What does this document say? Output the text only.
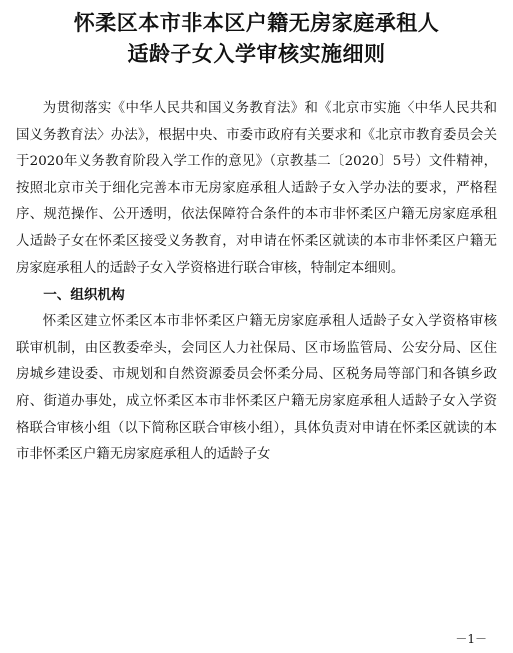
怀柔区本市非本区户籍无房家庭承租人
适龄子女入学审核实施细则

为贯彻落实《中华人民共和国义务教育法》和《北京市实施〈中华人民共和国义务教育法〉办法》，根据中央、市委市政府有关要求和《北京市教育委员会关于2020年义务教育阶段入学工作的意见》（京教基二〔2020〕5号）文件精神，按照北京市关于细化完善本市无房家庭承租人适龄子女入学办法的要求，严格程序、规范操作、公开透明，依法保障符合条件的本市非怀柔区户籍无房家庭承租人适龄子女在怀柔区接受义务教育，对申请在怀柔区就读的本市非怀柔区户籍无房家庭承租人的适龄子女入学资格进行联合审核，特制定本细则。

一、组织机构

怀柔区建立怀柔区本市非怀柔区户籍无房家庭承租人适龄子女入学资格审核联审机制，由区教委牵头，会同区人力社保局、区市场监管局、公安分局、区住房城乡建设委、市规划和自然资源委员会怀柔分局、区税务局等部门和各镇乡政府、街道办事处，成立怀柔区本市非怀柔区户籍无房家庭承租人适龄子女入学资格联合审核小组（以下简称区联合审核小组），具体负责对申请在怀柔区就读的本市非怀柔区户籍无房家庭承租人的适龄子女

－1－
